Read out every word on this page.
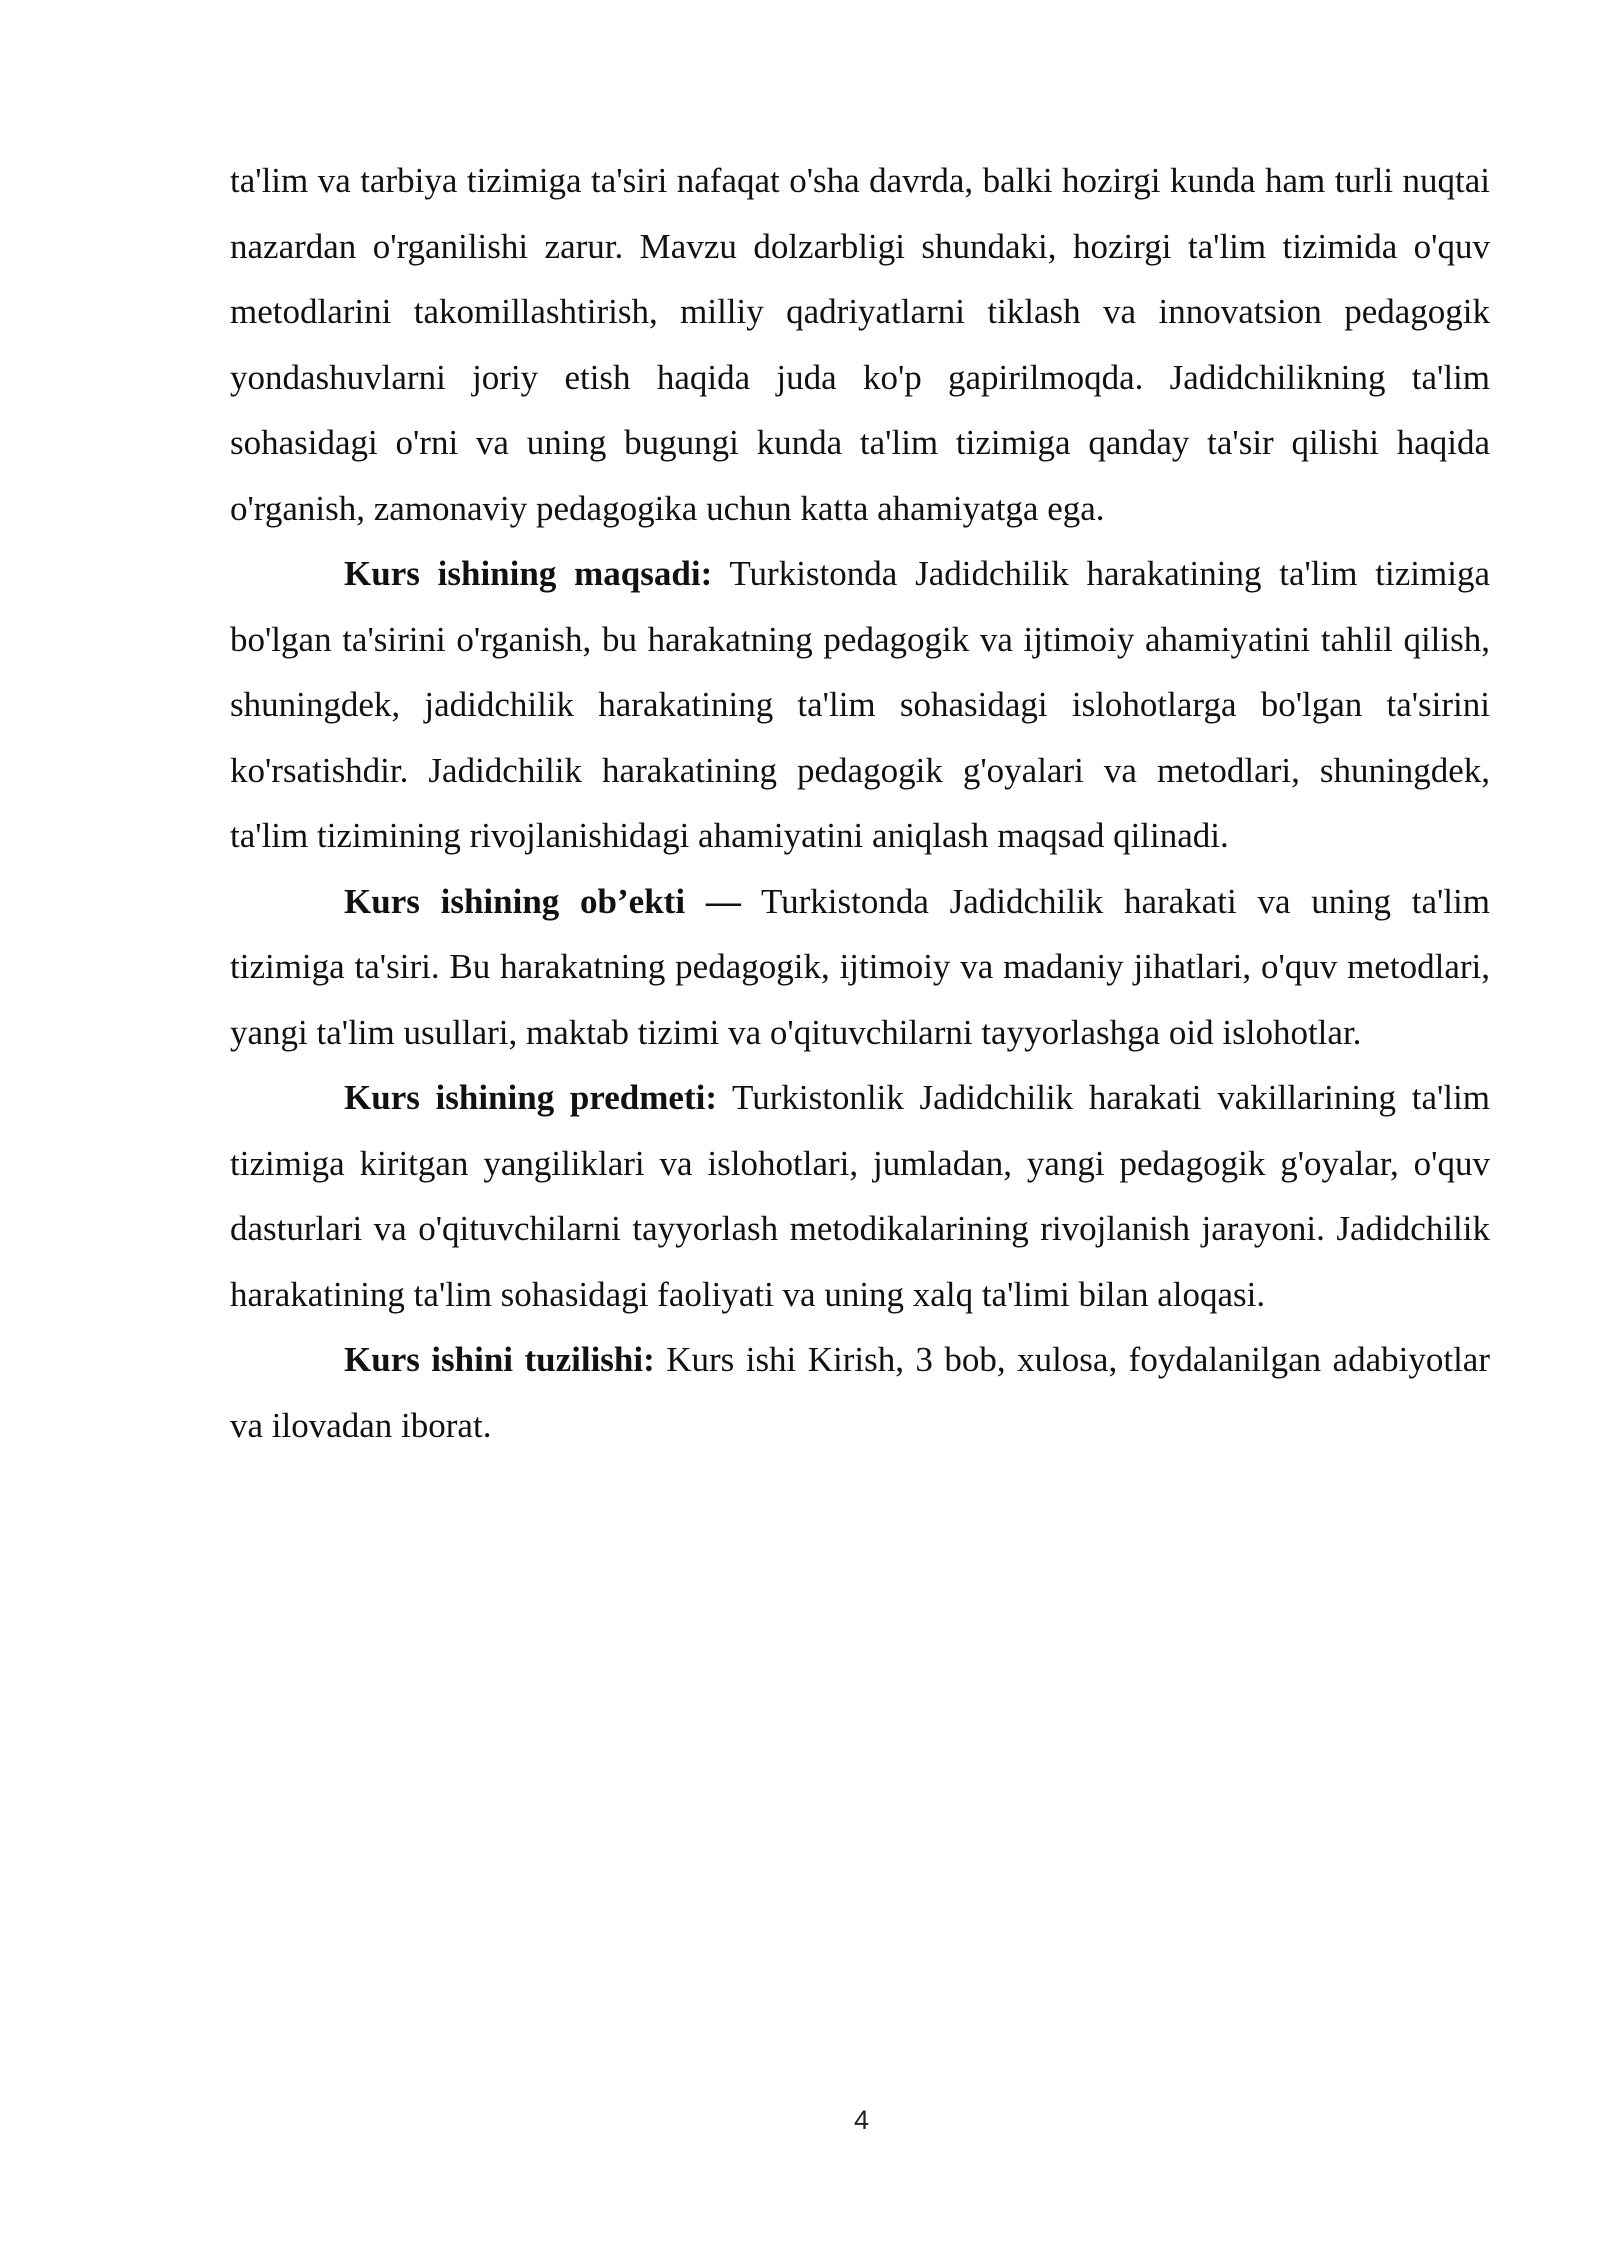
ta'lim va tarbiya tizimiga ta'siri nafaqat o'sha davrda, balki hozirgi kunda ham turli nuqtai nazardan o'rganilishi zarur. Mavzu dolzarbligi shundaki, hozirgi ta'lim tizimida o'quv metodlarini takomillashtirish, milliy qadriyatlarni tiklash va innovatsion pedagogik yondashuvlarni joriy etish haqida juda ko'p gapirilmoqda. Jadidchilikning ta'lim sohasidagi o'rni va uning bugungi kunda ta'lim tizimiga qanday ta'sir qilishi haqida o'rganish, zamonaviy pedagogika uchun katta ahamiyatga ega.

Kurs ishining maqsadi: Turkistonda Jadidchilik harakatining ta'lim tizimiga bo'lgan ta'sirini o'rganish, bu harakatning pedagogik va ijtimoiy ahamiyatini tahlil qilish, shuningdek, jadidchilik harakatining ta'lim sohasidagi islohotlarga bo'lgan ta'sirini ko'rsatishdir. Jadidchilik harakatining pedagogik g'oyalari va metodlari, shuningdek, ta'lim tizimining rivojlanishidagi ahamiyatini aniqlash maqsad qilinadi.

Kurs ishining ob’ekti — Turkistonda Jadidchilik harakati va uning ta'lim tizimiga ta'siri. Bu harakatning pedagogik, ijtimoiy va madaniy jihatlari, o'quv metodlari, yangi ta'lim usullari, maktab tizimi va o'qituvchilarni tayyorlashga oid islohotlar.

Kurs ishining predmeti: Turkistonlik Jadidchilik harakati vakillarining ta'lim tizimiga kiritgan yangiliklari va islohotlari, jumladan, yangi pedagogik g'oyalar, o'quv dasturlari va o'qituvchilarni tayyorlash metodikalarining rivojlanish jarayoni. Jadidchilik harakatining ta'lim sohasidagi faoliyati va uning xalq ta'limi bilan aloqasi.

Kurs ishini tuzilishi: Kurs ishi Kirish, 3 bob, xulosa, foydalanilgan adabiyotlar va ilovadan iborat.

4
